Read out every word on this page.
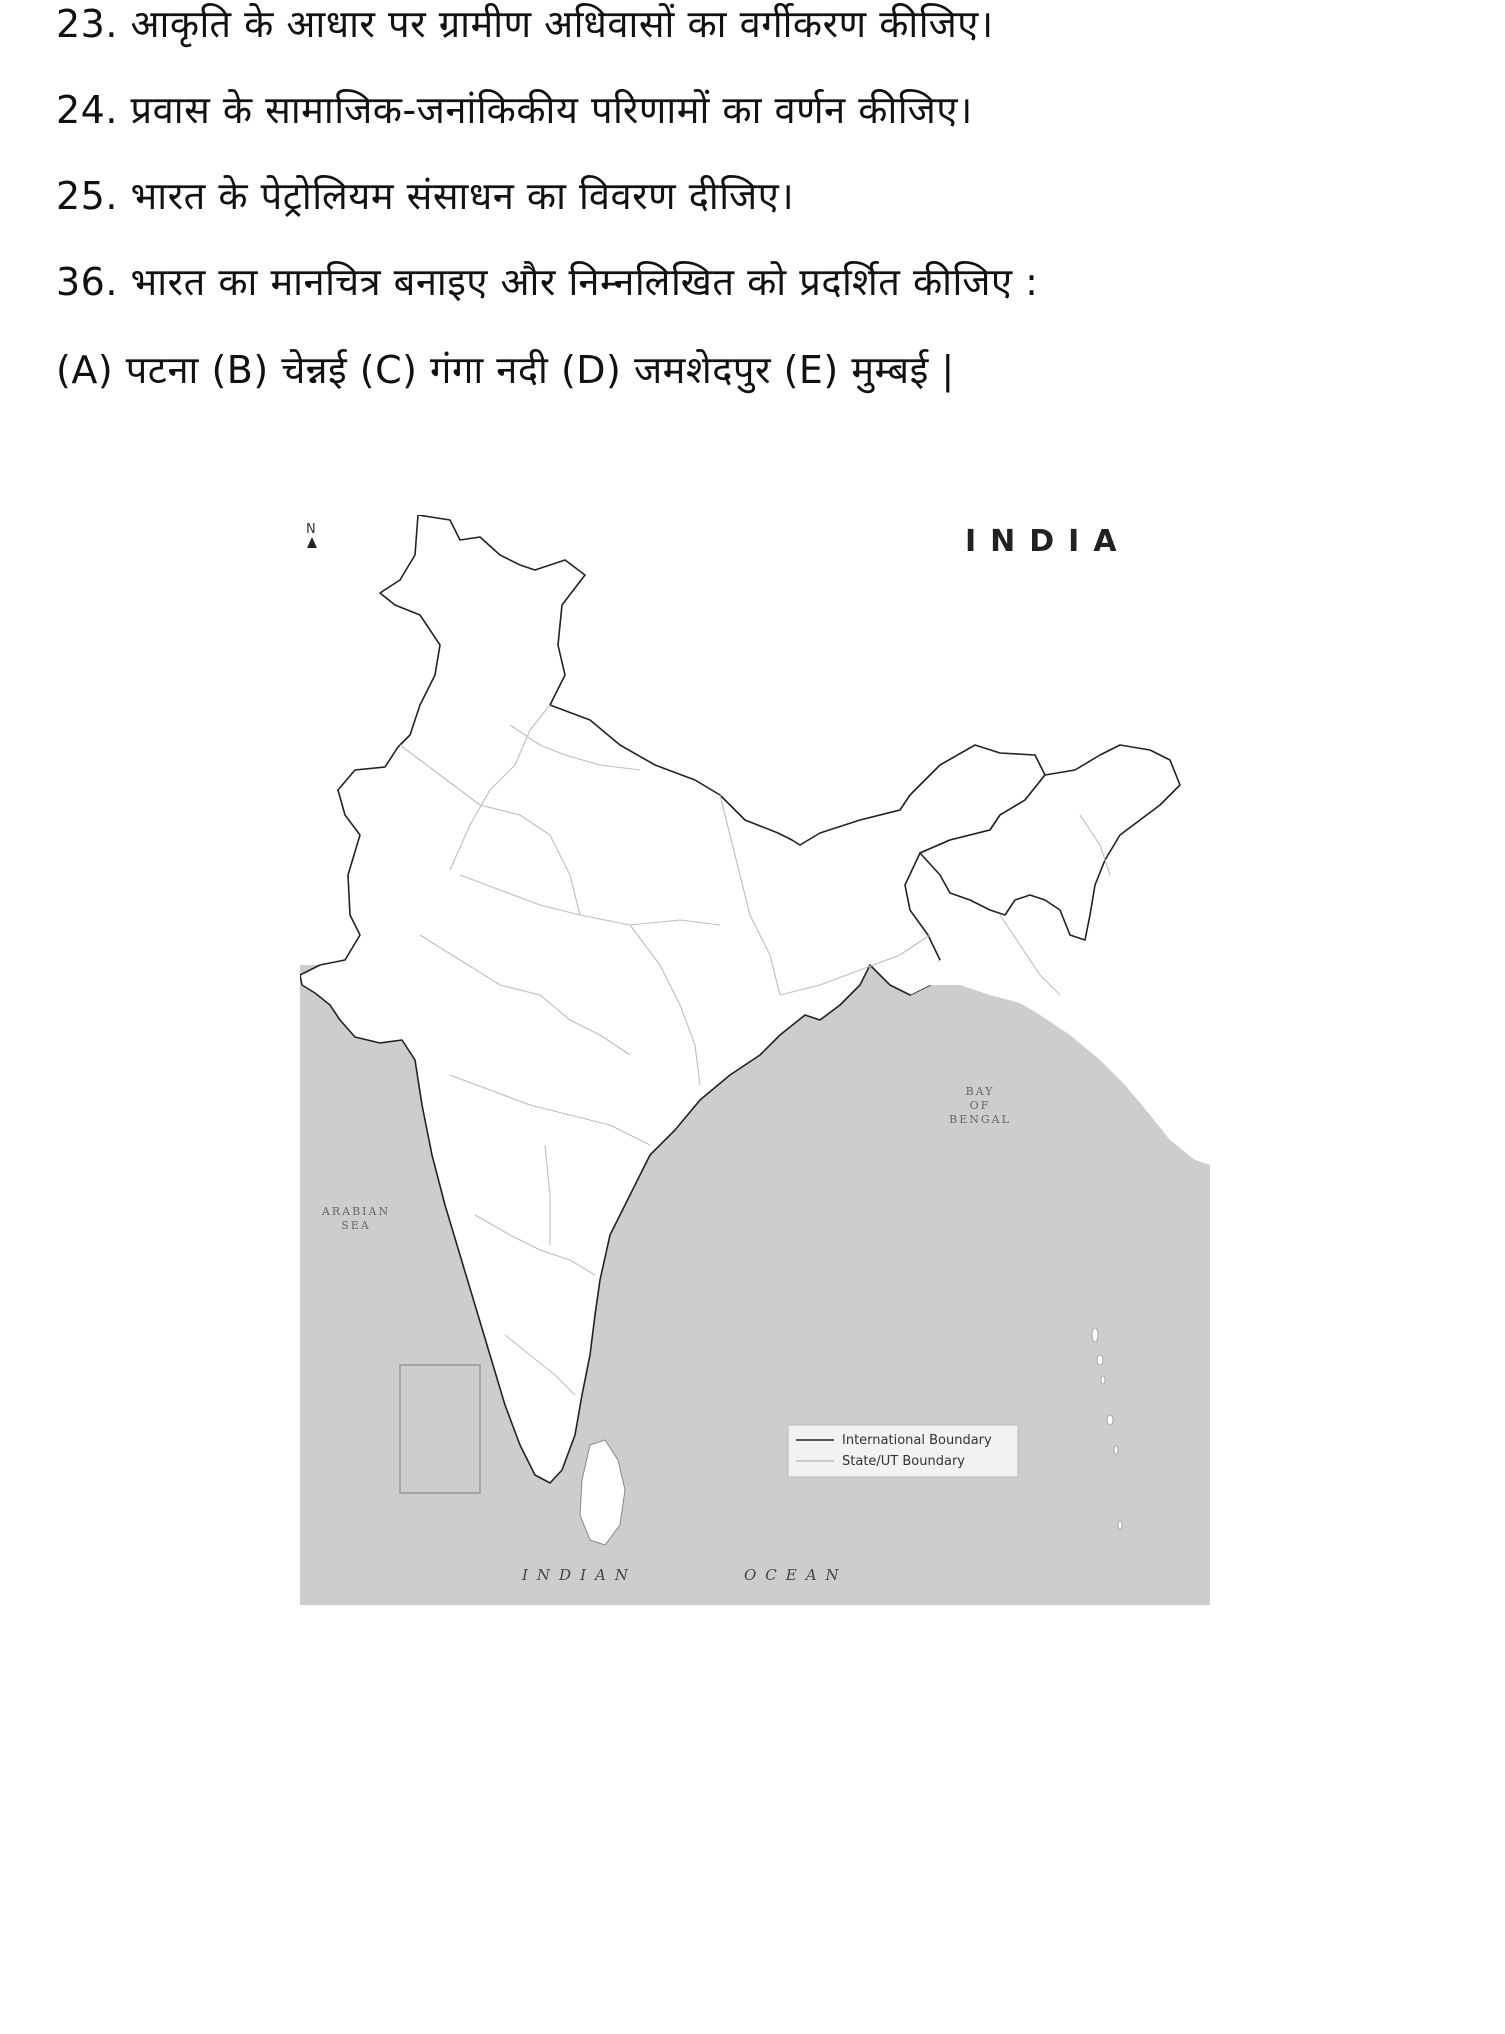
23. आकृति के आधार पर ग्रामीण अधिवासों का वर्गीकरण कीजिए।
24. प्रवास के सामाजिक-जनांकिकीय परिणामों का वर्णन कीजिए।
25. भारत के पेट्रोलियम संसाधन का विवरण दीजिए।
36. भारत का मानचित्र बनाइए और निम्नलिखित को प्रदर्शित कीजिए :
(A) पटना (B) चेन्नई (C) गंगा नदी (D) जमशेदपुर (E) मुम्बई |
N	INDIA
BAY
OF
BENGAL
ARABIAN
SEA
INDIAN	OCEAN
International Boundary
State/UT Boundary
